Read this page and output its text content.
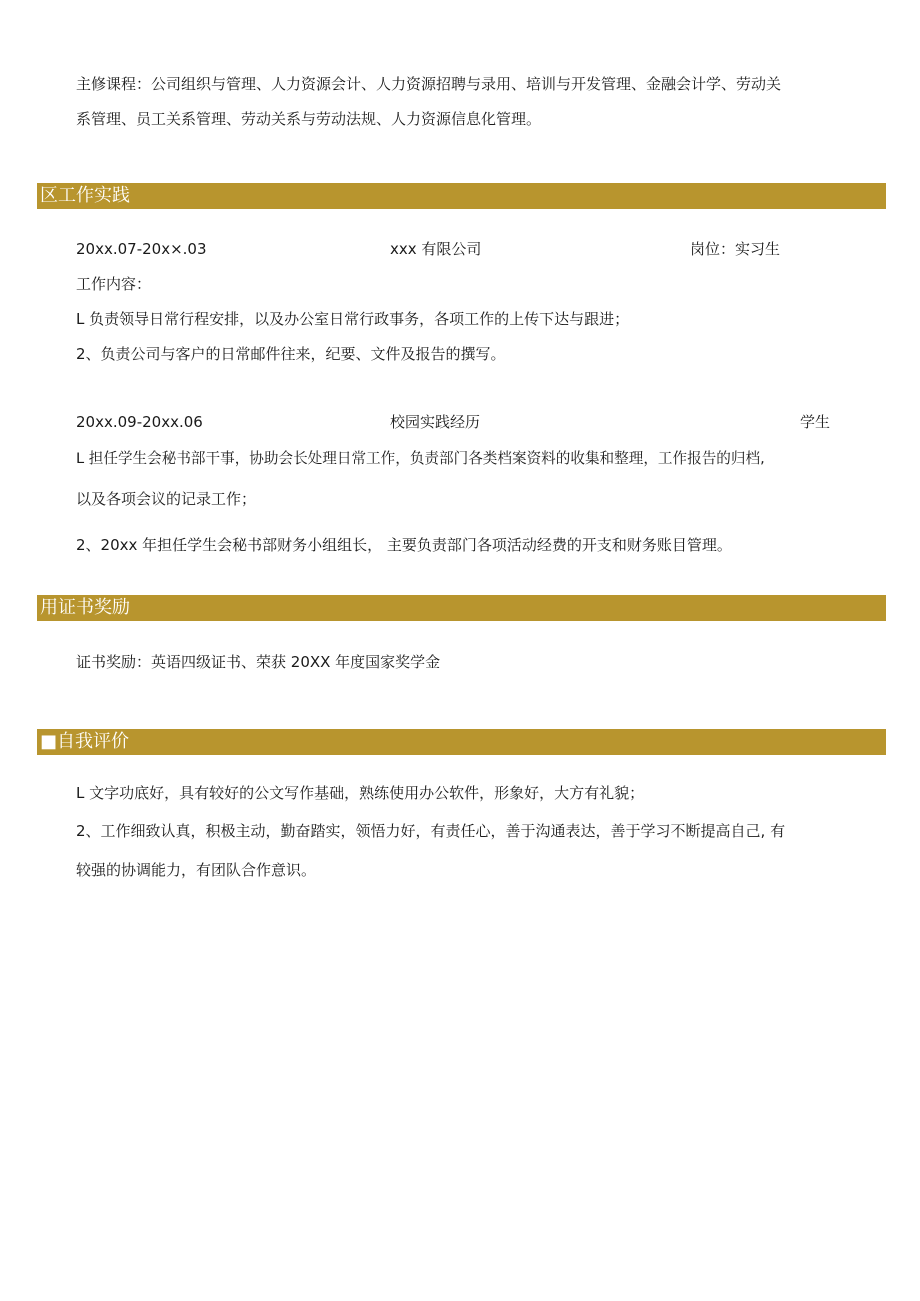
主修课程：公司组织与管理、人力资源会计、人力资源招聘与录用、培训与开发管理、金融会计学、劳动关
系管理、员工关系管理、劳动关系与劳动法规、人力资源信息化管理。
区工作实践
20xx.07-20x×.03	xxx 有限公司	岗位：实习生
工作内容：
L 负责领导日常行程安排，以及办公室日常行政事务，各项工作的上传下达与跟进；
2、负责公司与客户的日常邮件往来，纪要、文件及报告的撰写。
20xx.09-20xx.06	校园实践经历	学生
L 担任学生会秘书部干事，协助会长处理日常工作，负责部门各类档案资料的收集和整理，工作报告的归档,
以及各项会议的记录工作；
2、20xx 年担任学生会秘书部财务小组组长， 主要负责部门各项活动经费的开支和财务账目管理。
用证书奖励
证书奖励：英语四级证书、荣获 20XX 年度国家奖学金
■自我评价
L 文字功底好，具有较好的公文写作基础，熟练使用办公软件，形象好，大方有礼貌；
2、工作细致认真，积极主动，勤奋踏实，领悟力好，有责任心，善于沟通表达，善于学习不断提高自己, 有
较强的协调能力，有团队合作意识。
